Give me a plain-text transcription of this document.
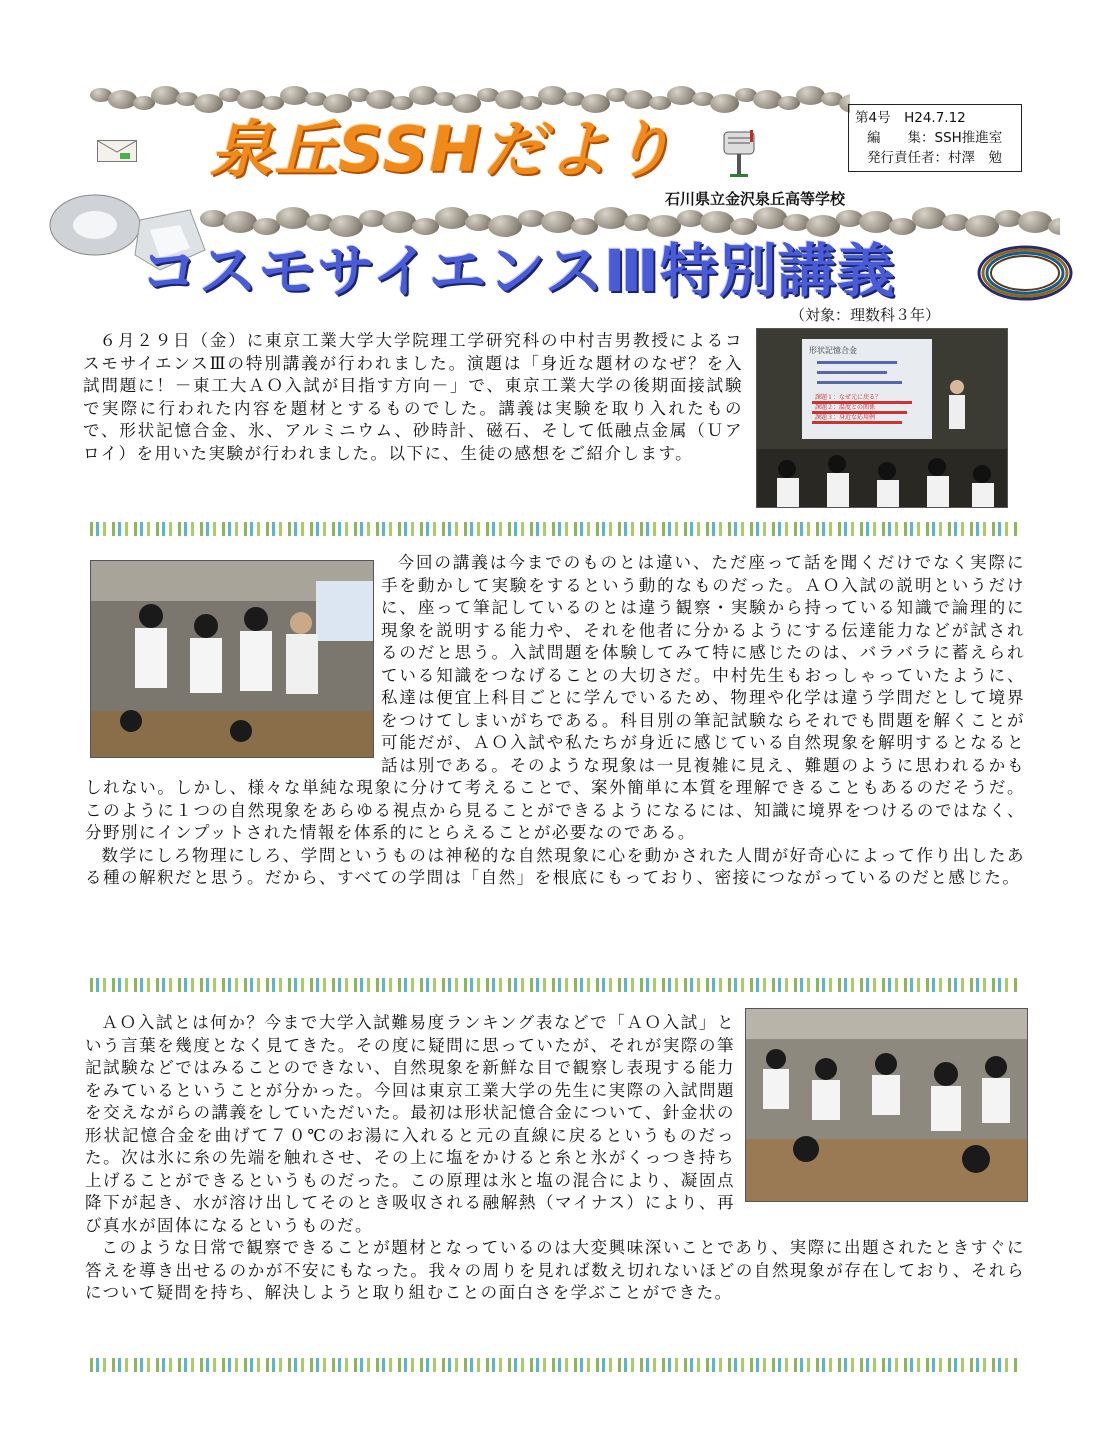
泉丘SSHだより	第4号　H24.7.12
編　　集：SSH推進室
発行責任者：村澤　勉
石川県立金沢泉丘高等学校
コスモサイエンスⅢ特別講義
（対象：理数科３年）

６月２９日（金）に東京工業大学大学院理工学研究科の中村吉男教授によるコスモサイエンスⅢの特別講義が行われました。演題は「身近な題材のなぜ？を入試問題に！－東工大ＡＯ入試が目指す方向－」で、東京工業大学の後期面接試験で実際に行われた内容を題材とするものでした。講義は実験を取り入れたもので、形状記憶合金、氷、アルミニウム、砂時計、磁石、そして低融点金属（Ｕアロイ）を用いた実験が行われました。以下に、生徒の感想をご紹介します。

形状記憶合金
課題１：なぜ元に戻る？
課題２：温度との関係
課題３：身近な応用例

今回の講義は今までのものとは違い、ただ座って話を聞くだけでなく実際に手を動かして実験をするという動的なものだった。ＡＯ入試の説明というだけに、座って筆記しているのとは違う観察・実験から持っている知識で論理的に現象を説明する能力や、それを他者に分かるようにする伝達能力などが試されるのだと思う。入試問題を体験してみて特に感じたのは、バラバラに蓄えられている知識をつなげることの大切さだ。中村先生もおっしゃっていたように、私達は便宜上科目ごとに学んでいるため、物理や化学は違う学問だとして境界をつけてしまいがちである。科目別の筆記試験ならそれでも問題を解くことが可能だが、ＡＯ入試や私たちが身近に感じている自然現象を解明するとなると話は別である。そのような現象は一見複雑に見え、難題のように思われるかもしれない。しかし、様々な単純な現象に分けて考えることで、案外簡単に本質を理解できることもあるのだそうだ。このように１つの自然現象をあらゆる視点から見ることができるようになるには、知識に境界をつけるのではなく、分野別にインプットされた情報を体系的にとらえることが必要なのである。

数学にしろ物理にしろ、学問というものは神秘的な自然現象に心を動かされた人間が好奇心によって作り出したある種の解釈だと思う。だから、すべての学問は「自然」を根底にもっており、密接につながっているのだと感じた。

ＡＯ入試とは何か？今まで大学入試難易度ランキング表などで「ＡＯ入試」という言葉を幾度となく見てきた。その度に疑問に思っていたが、それが実際の筆記試験などではみることのできない、自然現象を新鮮な目で観察し表現する能力をみているということが分かった。今回は東京工業大学の先生に実際の入試問題を交えながらの講義をしていただいた。最初は形状記憶合金について、針金状の形状記憶合金を曲げて７０℃のお湯に入れると元の直線に戻るというものだった。次は氷に糸の先端を触れさせ、その上に塩をかけると糸と氷がくっつき持ち上げることができるというものだった。この原理は氷と塩の混合により、凝固点降下が起き、水が溶け出してそのとき吸収される融解熱（マイナス）により、再び真水が固体になるというものだ。

このような日常で観察できることが題材となっているのは大変興味深いことであり、実際に出題されたときすぐに答えを導き出せるのかが不安にもなった。我々の周りを見れば数え切れないほどの自然現象が存在しており、それらについて疑問を持ち、解決しようと取り組むことの面白さを学ぶことができた。
